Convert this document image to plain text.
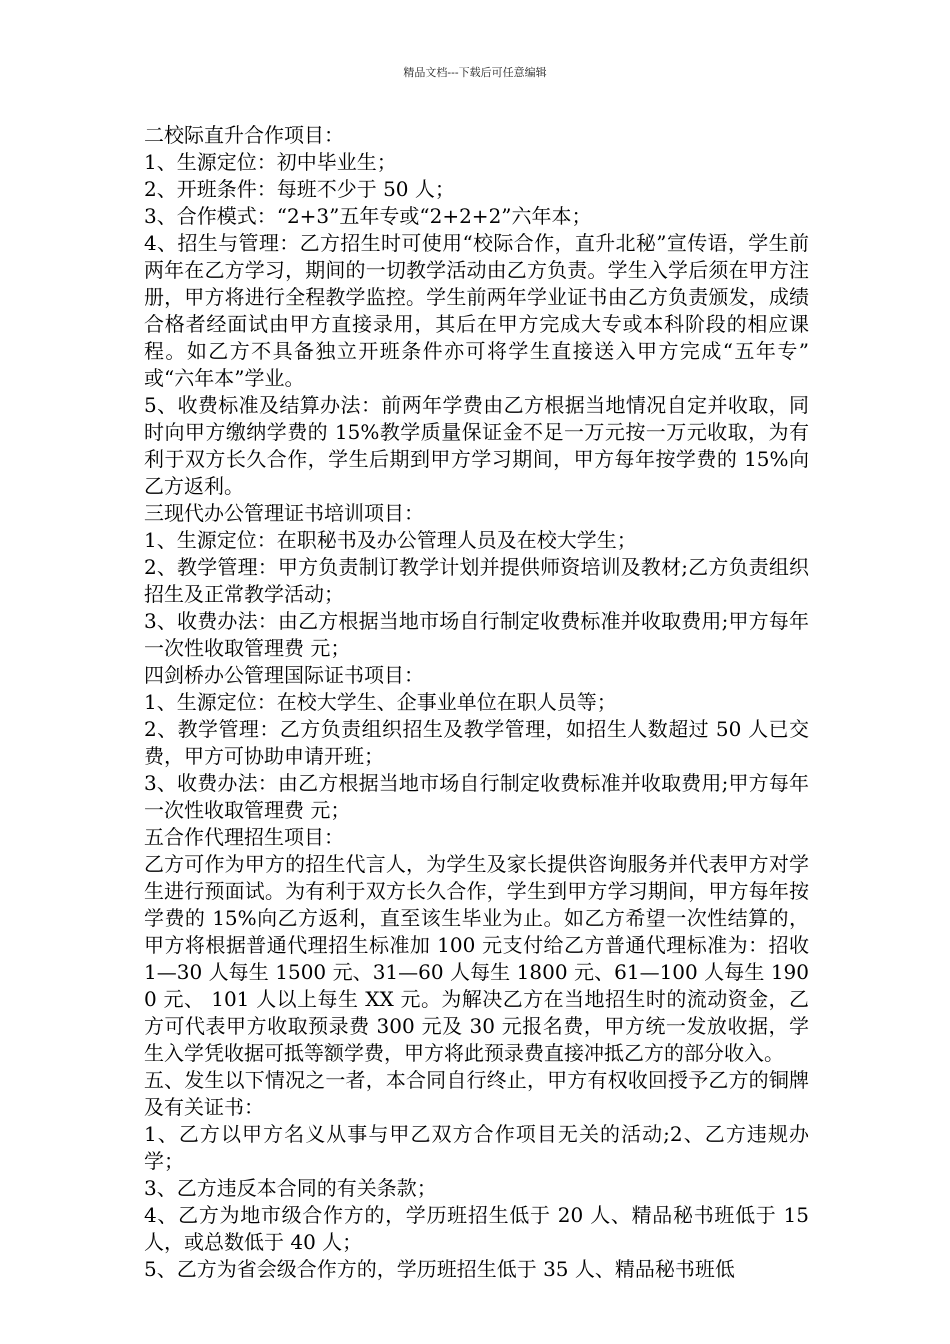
精品文档---下载后可任意编辑

二校际直升合作项目：

1、生源定位：初中毕业生；

2、开班条件：每班不少于 50 人；

3、合作模式：“2+3”五年专或“2+2+2”六年本；

4、招生与管理：乙方招生时可使用“校际合作，直升北秘”宣传语，学生前两年在乙方学习，期间的一切教学活动由乙方负责。学生入学后须在甲方注册，甲方将进行全程教学监控。学生前两年学业证书由乙方负责颁发，成绩合格者经面试由甲方直接录用，其后在甲方完成大专或本科阶段的相应课程。如乙方不具备独立开班条件亦可将学生直接送入甲方完成“五年专” 或“六年本”学业。

5、收费标准及结算办法：前两年学费由乙方根据当地情况自定并收取，同时向甲方缴纳学费的 15%教学质量保证金不足一万元按一万元收取，为有利于双方长久合作，学生后期到甲方学习期间，甲方每年按学费的 15%向乙方返利。

三现代办公管理证书培训项目：

1、生源定位：在职秘书及办公管理人员及在校大学生；

2、教学管理：甲方负责制订教学计划并提供师资培训及教材;乙方负责组织招生及正常教学活动；

3、收费办法：由乙方根据当地市场自行制定收费标准并收取费用;甲方每年一次性收取管理费 元；

四剑桥办公管理国际证书项目：

1、生源定位：在校大学生、企事业单位在职人员等；

2、教学管理：乙方负责组织招生及教学管理，如招生人数超过 50 人已交费，甲方可协助申请开班；

3、收费办法：由乙方根据当地市场自行制定收费标准并收取费用;甲方每年一次性收取管理费 元；

五合作代理招生项目：

乙方可作为甲方的招生代言人，为学生及家长提供咨询服务并代表甲方对学生进行预面试。为有利于双方长久合作，学生到甲方学习期间，甲方每年按学费的 15%向乙方返利，直至该生毕业为止。如乙方希望一次性结算的，甲方将根据普通代理招生标准加 100 元支付给乙方普通代理标准为：招收 1—30 人每生 1500 元、31—60 人每生 1800 元、61—100 人每生 1900 元、 101 人以上每生 XX 元。为解决乙方在当地招生时的流动资金，乙方可代表甲方收取预录费 300 元及 30 元报名费，甲方统一发放收据，学生入学凭收据可抵等额学费，甲方将此预录费直接冲抵乙方的部分收入。

五、发生以下情况之一者，本合同自行终止，甲方有权收回授予乙方的铜牌及有关证书：

1、乙方以甲方名义从事与甲乙双方合作项目无关的活动;2、乙方违规办学；

3、乙方违反本合同的有关条款；

4、乙方为地市级合作方的，学历班招生低于 20 人、精品秘书班低于 15 人，或总数低于 40 人；

5、乙方为省会级合作方的，学历班招生低于 35 人、精品秘书班低
